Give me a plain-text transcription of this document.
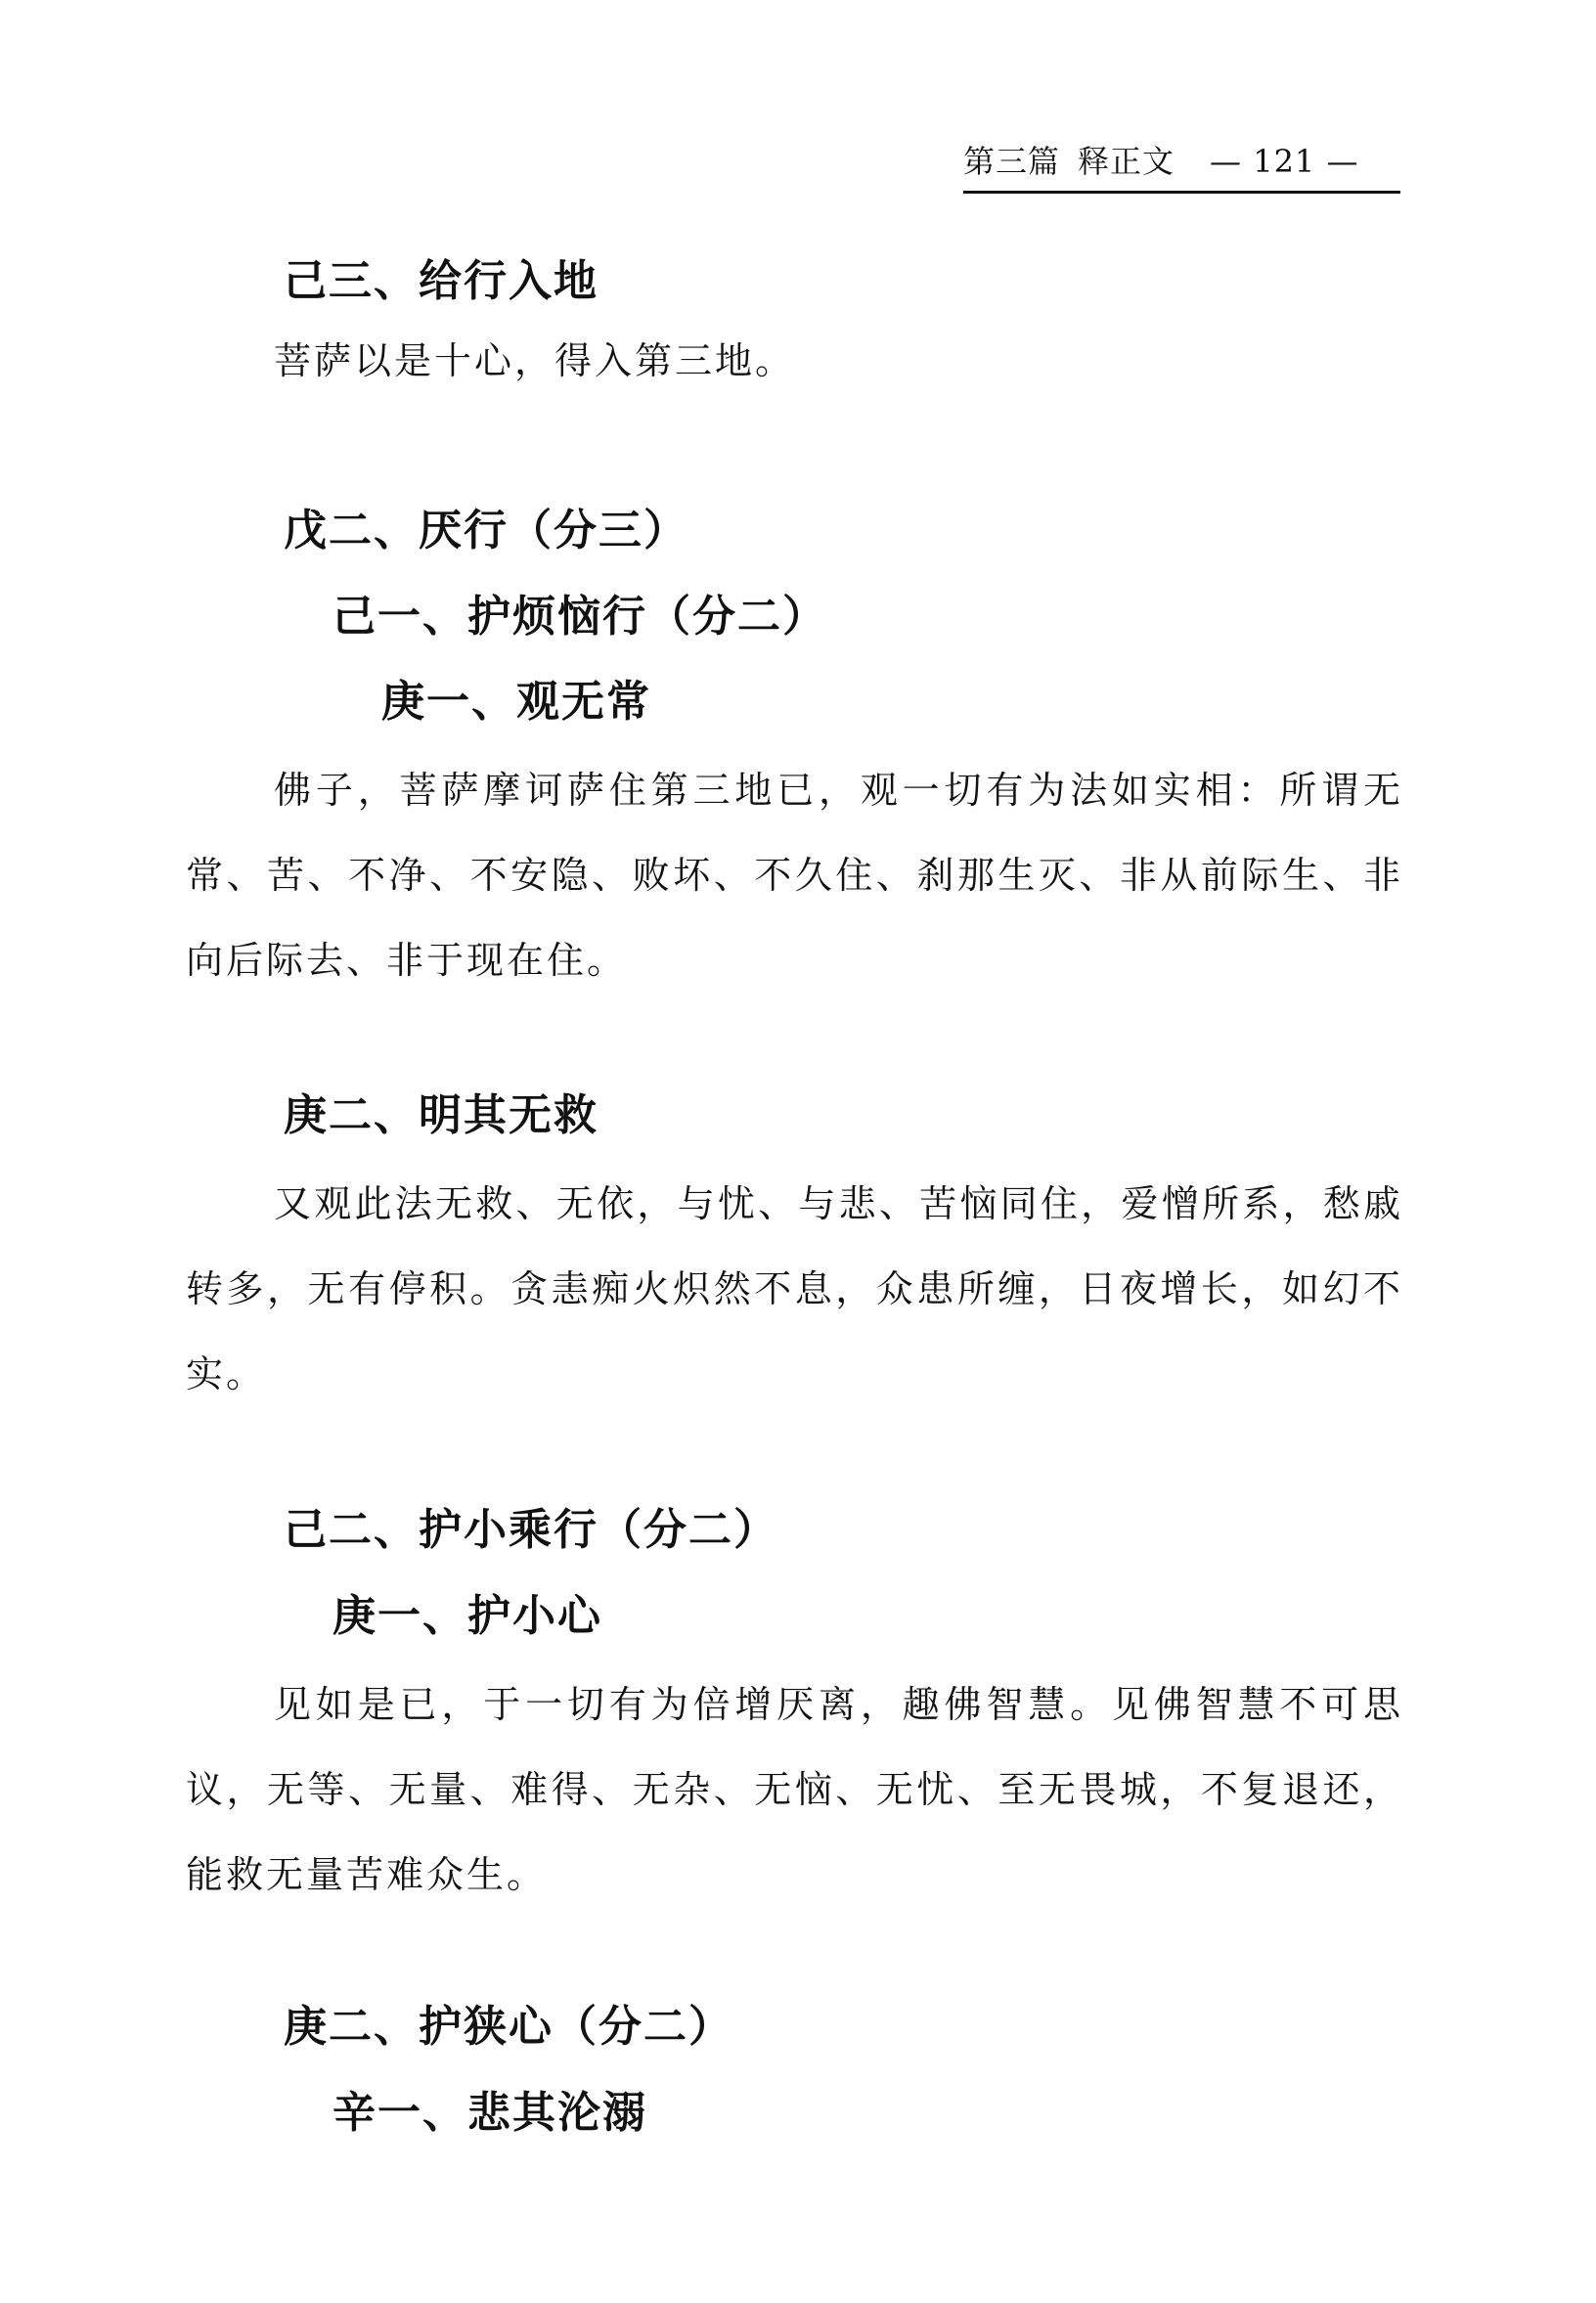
第三篇 释正文 — 121 —
己三、给行入地

菩萨以是十心，得入第三地。

戊二、厌行（分三）
己一、护烦恼行（分二）
庚一、观无常

佛子，菩萨摩诃萨住第三地已，观一切有为法如实相：所谓无常、苦、不净、不安隐、败坏、不久住、刹那生灭、非从前际生、非向后际去、非于现在住。

庚二、明其无救

又观此法无救、无依，与忧、与悲、苦恼同住，爱憎所系，愁戚转多，无有停积。贪恚痴火炽然不息，众患所缠，日夜增长，如幻不实。

己二、护小乘行（分二）
庚一、护小心

见如是已，于一切有为倍增厌离，趣佛智慧。见佛智慧不可思议，无等、无量、难得、无杂、无恼、无忧、至无畏城，不复退还，能救无量苦难众生。

庚二、护狭心（分二）
辛一、悲其沦溺
